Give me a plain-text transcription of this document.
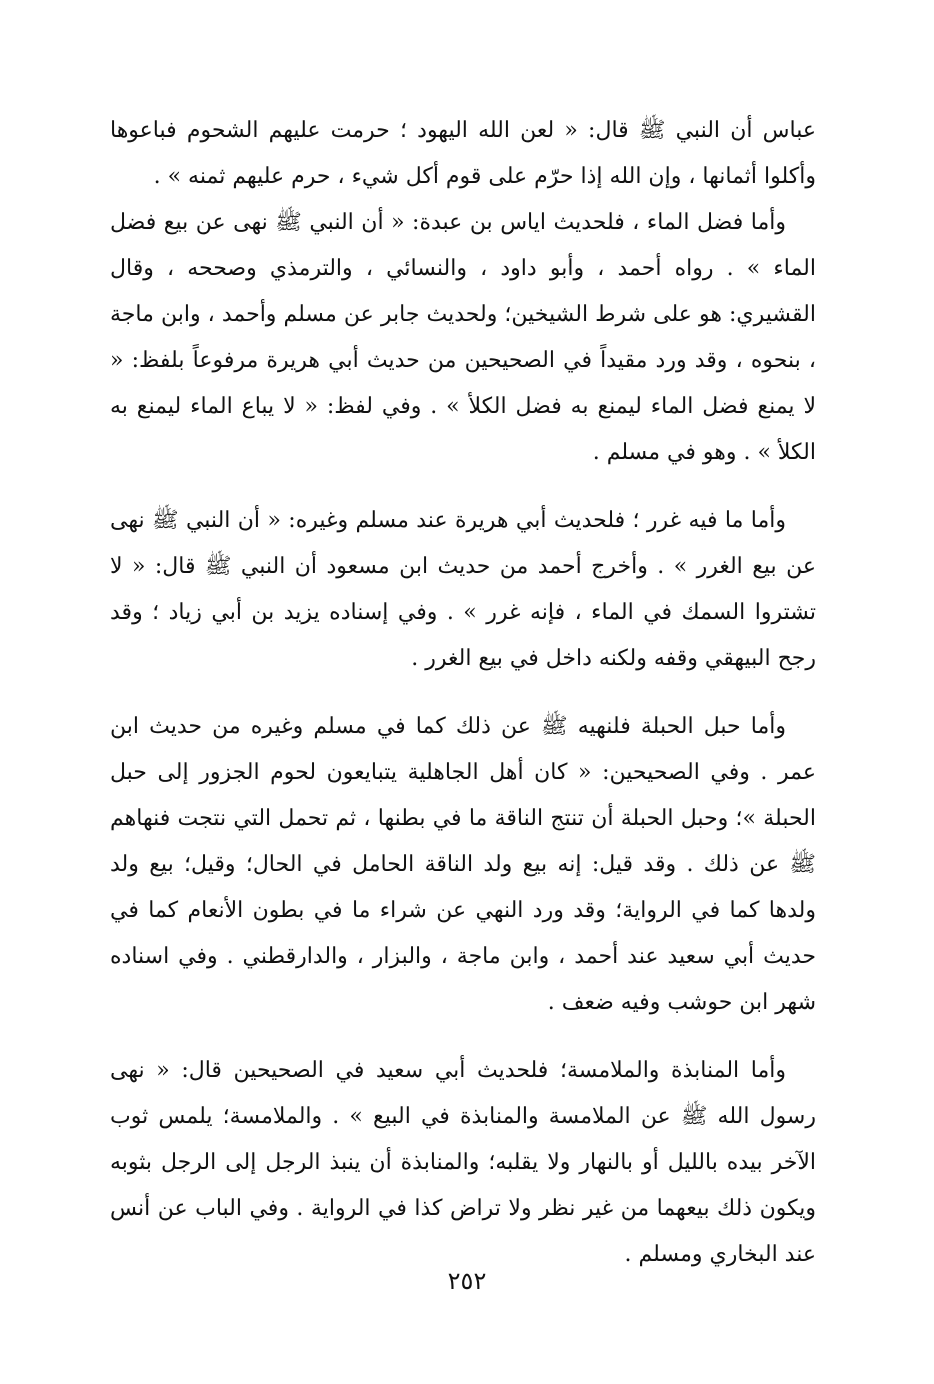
عباس أن النبي ﷺ قال: « لعن الله اليهود ؛ حرمت عليهم الشحوم فباعوها وأكلوا أثمانها ، وإن الله إذا حرّم على قوم أكل شيء ، حرم عليهم ثمنه » .

وأما فضل الماء ، فلحديث اياس بن عبدة: « أن النبي ﷺ نهى عن بيع فضل الماء » . رواه أحمد ، وأبو داود ، والنسائي ، والترمذي وصححه ، وقال القشيري: هو على شرط الشيخين؛ ولحديث جابر عن مسلم وأحمد ، وابن ماجة ، بنحوه ، وقد ورد مقيداً في الصحيحين من حديث أبي هريرة مرفوعاً بلفظ: « لا يمنع فضل الماء ليمنع به فضل الكلأ » . وفي لفظ: « لا يباع الماء ليمنع به الكلأ » . وهو في مسلم .

وأما ما فيه غرر ؛ فلحديث أبي هريرة عند مسلم وغيره: « أن النبي ﷺ نهى عن بيع الغرر » . وأخرج أحمد من حديث ابن مسعود أن النبي ﷺ قال: « لا تشتروا السمك في الماء ، فإنه غرر » . وفي إسناده يزيد بن أبي زياد ؛ وقد رجح البيهقي وقفه ولكنه داخل في بيع الغرر .

وأما حبل الحبلة فلنهيه ﷺ عن ذلك كما في مسلم وغيره من حديث ابن عمر . وفي الصحيحين: « كان أهل الجاهلية يتبايعون لحوم الجزور إلى حبل الحبلة »؛ وحبل الحبلة أن تنتج الناقة ما في بطنها ، ثم تحمل التي نتجت فنهاهم ﷺ عن ذلك . وقد قيل: إنه بيع ولد الناقة الحامل في الحال؛ وقيل؛ بيع ولد ولدها كما في الرواية؛ وقد ورد النهي عن شراء ما في بطون الأنعام كما في حديث أبي سعيد عند أحمد ، وابن ماجة ، والبزار ، والدارقطني . وفي اسناده شهر ابن حوشب وفيه ضعف .

وأما المنابذة والملامسة؛ فلحديث أبي سعيد في الصحيحين قال: « نهى رسول الله ﷺ عن الملامسة والمنابذة في البيع » . والملامسة؛ يلمس ثوب الآخر بيده بالليل أو بالنهار ولا يقلبه؛ والمنابذة أن ينبذ الرجل إلى الرجل بثوبه ويكون ذلك بيعهما من غير نظر ولا تراض كذا في الرواية . وفي الباب عن أنس عند البخاري ومسلم .

٢٥٢
